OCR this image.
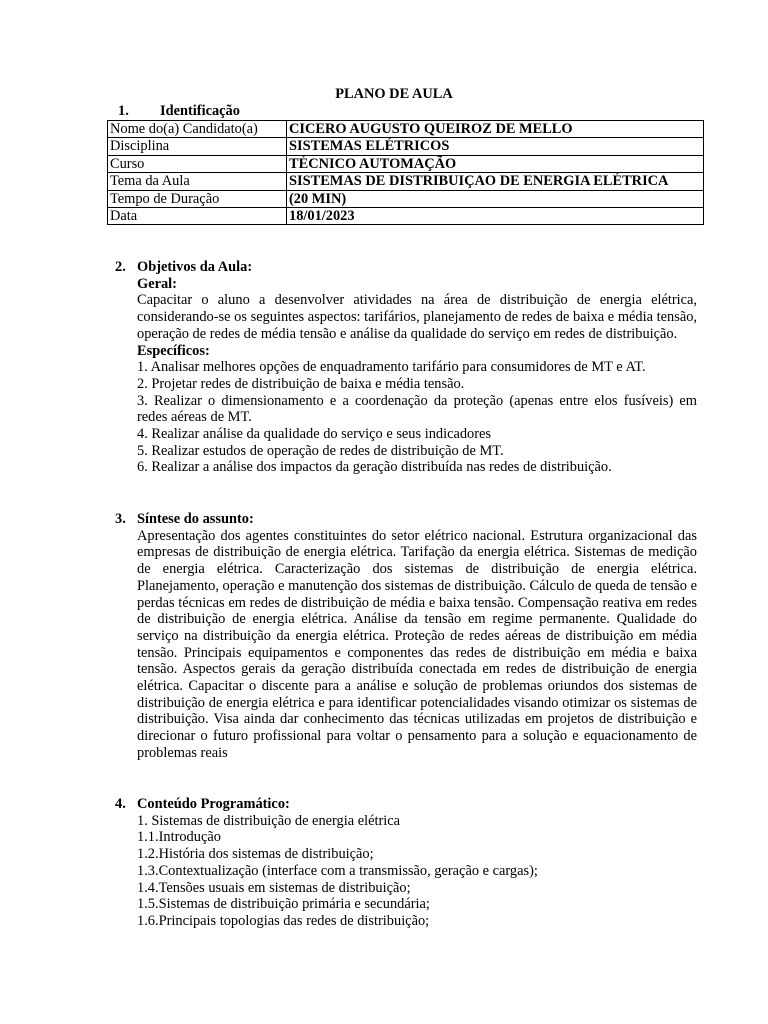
PLANO DE AULA
1. Identificação
Nome do(a) Candidato(a)	CICERO AUGUSTO QUEIROZ DE MELLO
Disciplina	SISTEMAS ELÉTRICOS
Curso	TÉCNICO AUTOMAÇÃO
Tema da Aula	SISTEMAS DE DISTRIBUIÇAO DE ENERGIA ELÉTRICA
Tempo de Duração	(20 MIN)
Data	18/01/2023
2. Objetivos da Aula:
Geral:

Capacitar o aluno a desenvolver atividades na área de distribuição de energia elétrica, considerando-se os seguintes aspectos: tarifários, planejamento de redes de baixa e média tensão, operação de redes de média tensão e análise da qualidade do serviço em redes de distribuição.

Específicos:
1. Analisar melhores opções de enquadramento tarifário para consumidores de MT e AT.
2. Projetar redes de distribuição de baixa e média tensão.
3. Realizar o dimensionamento e a coordenação da proteção (apenas entre elos fusíveis) em redes aéreas de MT.
4. Realizar análise da qualidade do serviço e seus indicadores
5. Realizar estudos de operação de redes de distribuição de MT.
6. Realizar a análise dos impactos da geração distribuída nas redes de distribuição.
3. Síntese do assunto:

Apresentação dos agentes constituintes do setor elétrico nacional. Estrutura organizacional das empresas de distribuição de energia elétrica. Tarifação da energia elétrica. Sistemas de medição de energia elétrica. Caracterização dos sistemas de distribuição de energia elétrica. Planejamento, operação e manutenção dos sistemas de distribuição. Cálculo de queda de tensão e perdas técnicas em redes de distribuição de média e baixa tensão. Compensação reativa em redes de distribuição de energia elétrica. Análise da tensão em regime permanente. Qualidade do serviço na distribuição da energia elétrica. Proteção de redes aéreas de distribuição em média tensão. Principais equipamentos e componentes das redes de distribuição em média e baixa tensão. Aspectos gerais da geração distribuída conectada em redes de distribuição de energia elétrica. Capacitar o discente para a análise e solução de problemas oriundos dos sistemas de distribuição de energia elétrica e para identificar potencialidades visando otimizar os sistemas de distribuição. Visa ainda dar conhecimento das técnicas utilizadas em projetos de distribuição e direcionar o futuro profissional para voltar o pensamento para a solução e equacionamento de problemas reais

4. Conteúdo Programático:
1. Sistemas de distribuição de energia elétrica
1.1.Introdução
1.2.História dos sistemas de distribuição;
1.3.Contextualização (interface com a transmissão, geração e cargas);
1.4.Tensões usuais em sistemas de distribuição;
1.5.Sistemas de distribuição primária e secundária;
1.6.Principais topologias das redes de distribuição;
